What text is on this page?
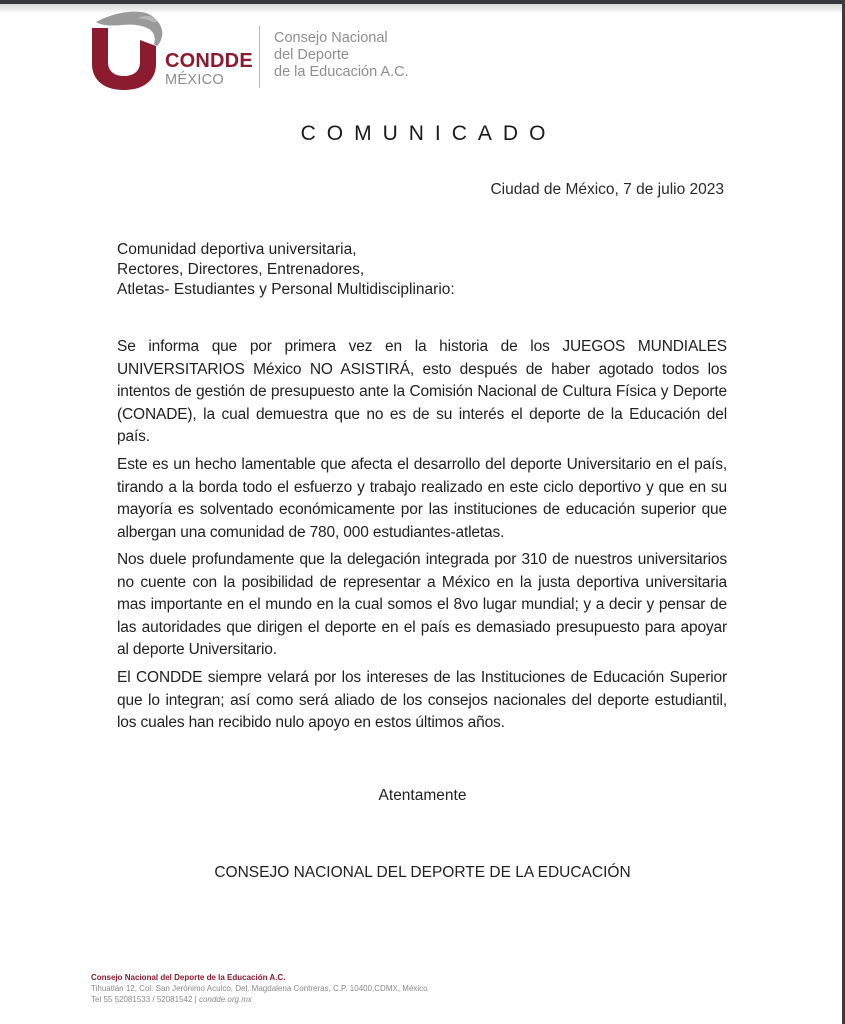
CONDDE
MÉXICO
Consejo Nacional
del Deporte
de la Educación A.C.
COMUNICADO
Ciudad de México, 7 de julio 2023
Comunidad deportiva universitaria,
Rectores, Directores, Entrenadores,
Atletas- Estudiantes y Personal Multidisciplinario:
Se informa que por primera vez en la historia de los JUEGOS MUNDIALES UNIVERSITARIOS México NO ASISTIRÁ, esto después de haber agotado todos los intentos de gestión de presupuesto ante la Comisión Nacional de Cultura Física y Deporte (CONADE), la cual demuestra que no es de su interés el deporte de la Educación del país.
Este es un hecho lamentable que afecta el desarrollo del deporte Universitario en el país, tirando a la borda todo el esfuerzo y trabajo realizado en este ciclo deportivo y que en su mayoría es solventado económicamente por las instituciones de educación superior que albergan una comunidad de 780, 000 estudiantes-atletas.
Nos duele profundamente que la delegación integrada por 310 de nuestros universitarios no cuente con la posibilidad de representar a México en la justa deportiva universitaria mas importante en el mundo en la cual somos el 8vo lugar mundial; y a decir y pensar de las autoridades que dirigen el deporte en el país es demasiado presupuesto para apoyar al deporte Universitario.
El CONDDE siempre velará por los intereses de las Instituciones de Educación Superior que lo integran; así como será aliado de los consejos nacionales del deporte estudiantil, los cuales han recibido nulo apoyo en estos últimos años.
Atentamente
CONSEJO NACIONAL DEL DEPORTE DE LA EDUCACIÓN
Consejo Nacional del Deporte de la Educación A.C.
Tihuatlán 12, Col. San Jerónimo Aculco, Del. Magdalena Contreras, C.P. 10400,CDMX, México
Tel 55 52081533 / 52081542 | condde.org.mx
